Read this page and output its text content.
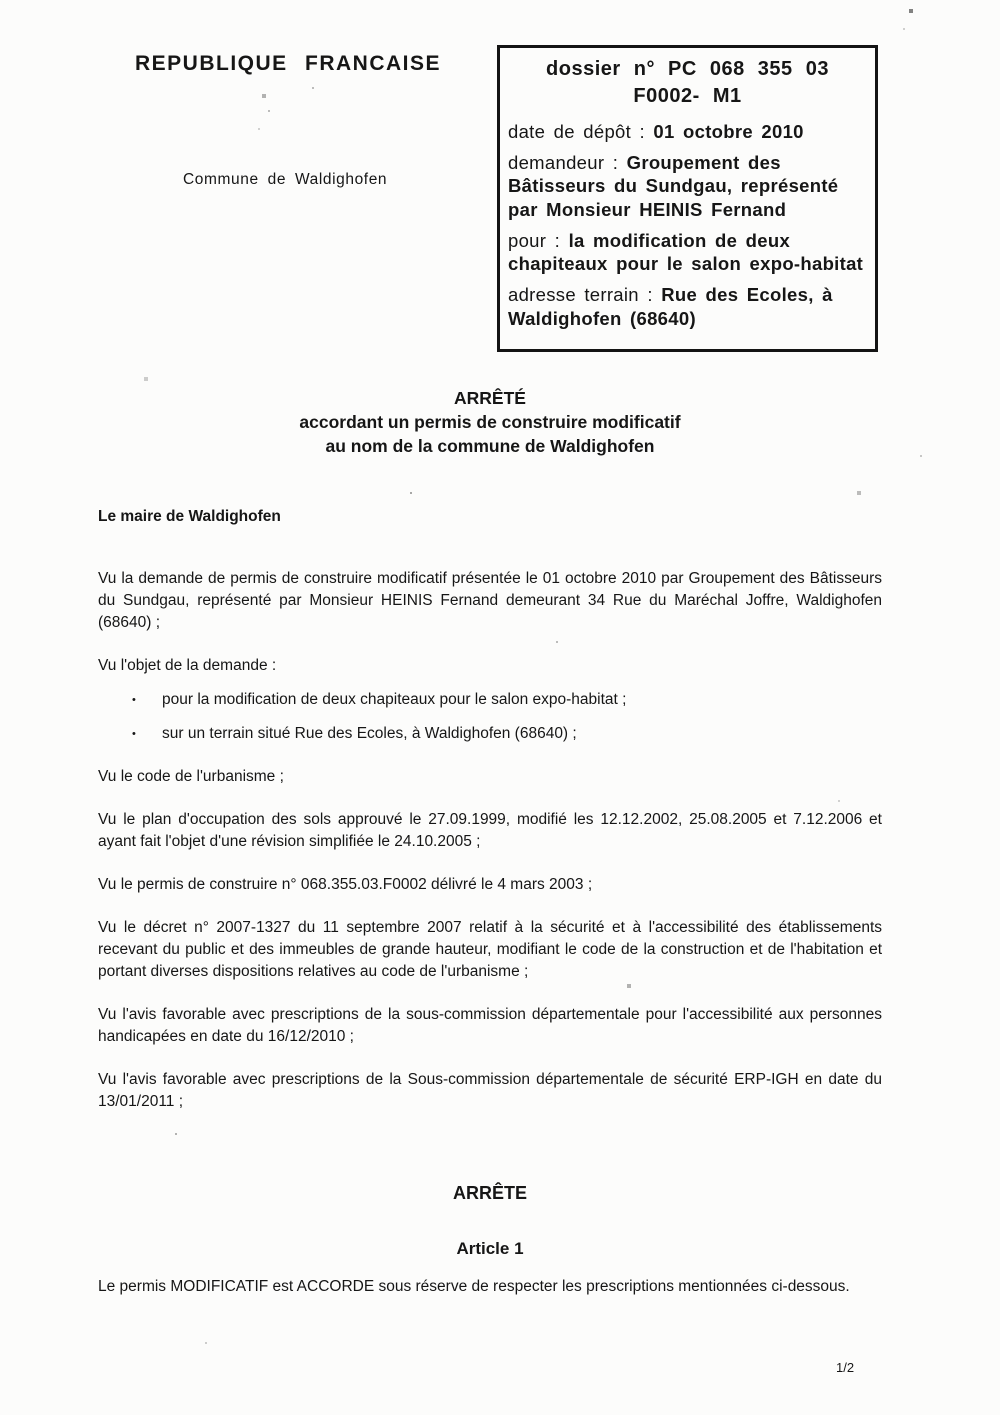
REPUBLIQUE FRANCAISE
Commune de Waldighofen
dossier n° PC 068 355 03
F0002- M1
date de dépôt : 01 octobre 2010
demandeur : Groupement des Bâtisseurs du Sundgau, représenté par Monsieur HEINIS Fernand
pour : la modification de deux chapiteaux pour le salon expo-habitat
adresse terrain : Rue des Ecoles, à Waldighofen (68640)
ARRÊTÉ
accordant un permis de construire modificatif
au nom de la commune de Waldighofen
Le maire de Waldighofen
Vu la demande de permis de construire modificatif présentée le 01 octobre 2010 par Groupement des Bâtisseurs du Sundgau, représenté par Monsieur HEINIS Fernand demeurant 34 Rue du Maréchal Joffre, Waldighofen (68640) ;
Vu l'objet de la demande :
•	pour la modification de deux chapiteaux pour le salon expo-habitat ;
•	sur un terrain situé Rue des Ecoles, à Waldighofen (68640) ;
Vu le code de l'urbanisme ;
Vu le plan d'occupation des sols approuvé le 27.09.1999, modifié les 12.12.2002, 25.08.2005 et 7.12.2006 et ayant fait l'objet d'une révision simplifiée le 24.10.2005 ;
Vu le permis de construire n° 068.355.03.F0002 délivré le 4 mars 2003 ;
Vu le décret n° 2007-1327 du 11 septembre 2007 relatif à la sécurité et à l'accessibilité des établissements recevant du public et des immeubles de grande hauteur, modifiant le code de la construction et de l'habitation et portant diverses dispositions relatives au code de l'urbanisme ;
Vu l'avis favorable avec prescriptions de la sous-commission départementale pour l'accessibilité aux personnes handicapées en date du 16/12/2010 ;
Vu l'avis favorable avec prescriptions de la Sous-commission départementale de sécurité ERP-IGH en date du 13/01/2011 ;
ARRÊTE
Article 1
Le permis MODIFICATIF est ACCORDE sous réserve de respecter les prescriptions mentionnées ci-dessous.
1/2
